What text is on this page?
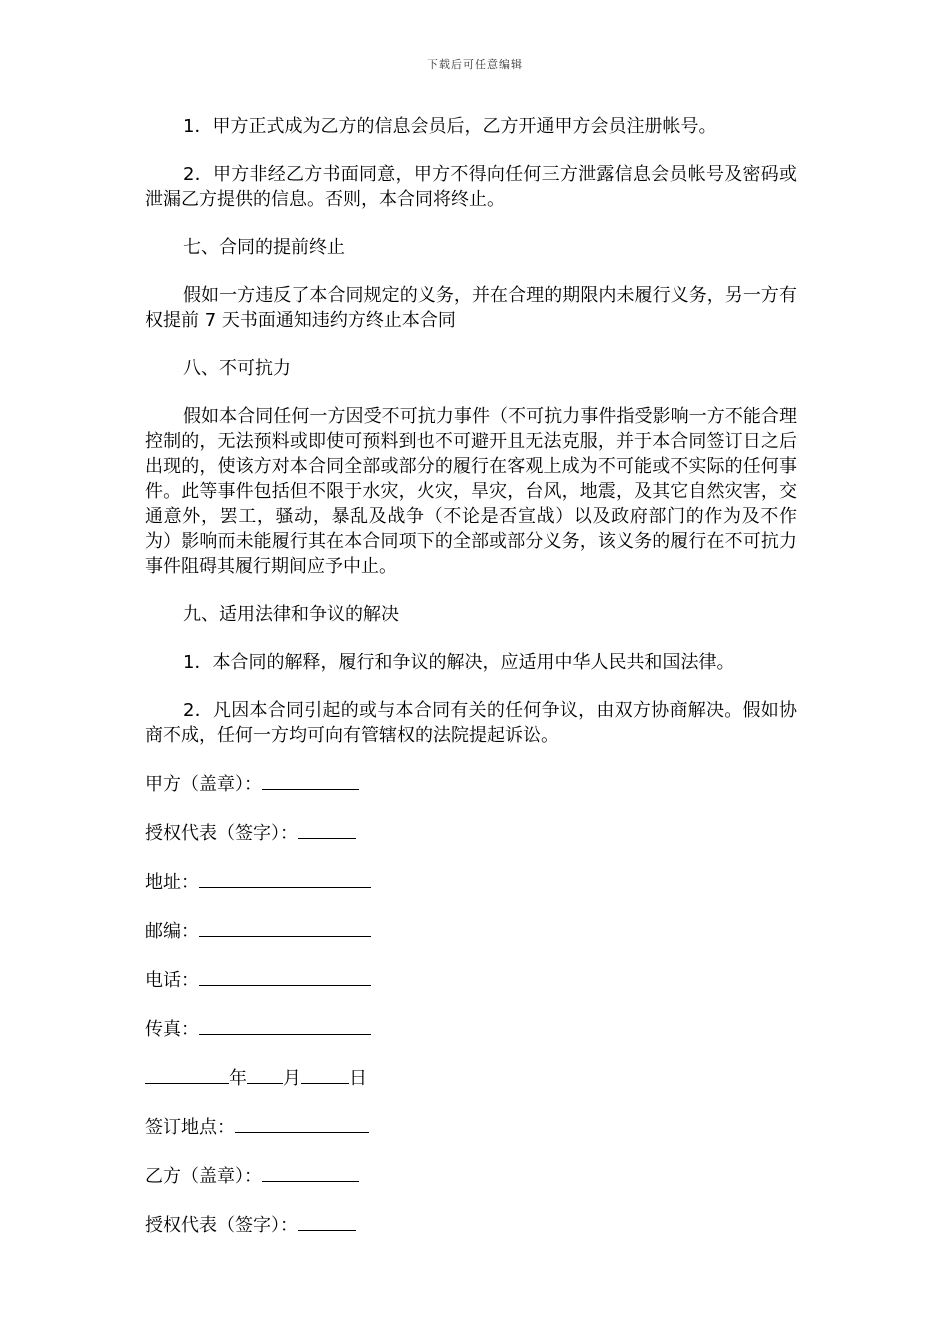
下载后可任意编辑

1．甲方正式成为乙方的信息会员后，乙方开通甲方会员注册帐号。

2．甲方非经乙方书面同意，甲方不得向任何三方泄露信息会员帐号及密码或泄漏乙方提供的信息。否则，本合同将终止。

七、合同的提前终止

假如一方违反了本合同规定的义务，并在合理的期限内未履行义务，另一方有权提前 7 天书面通知违约方终止本合同

八、不可抗力

假如本合同任何一方因受不可抗力事件（不可抗力事件指受影响一方不能合理控制的，无法预料或即使可预料到也不可避开且无法克服，并于本合同签订日之后出现的，使该方对本合同全部或部分的履行在客观上成为不可能或不实际的任何事件。此等事件包括但不限于水灾，火灾，旱灾，台风，地震，及其它自然灾害，交通意外，罢工，骚动，暴乱及战争（不论是否宣战）以及政府部门的作为及不作为）影响而未能履行其在本合同项下的全部或部分义务，该义务的履行在不可抗力事件阻碍其履行期间应予中止。

九、适用法律和争议的解决

1．本合同的解释，履行和争议的解决，应适用中华人民共和国法律。

2．凡因本合同引起的或与本合同有关的任何争议，由双方协商解决。假如协商不成，任何一方均可向有管辖权的法院提起诉讼。

甲方（盖章）：
授权代表（签字）：
地址：
邮编：
电话：
传真：
年 月	日
签订地点：
乙方（盖章）：
授权代表（签字）：
